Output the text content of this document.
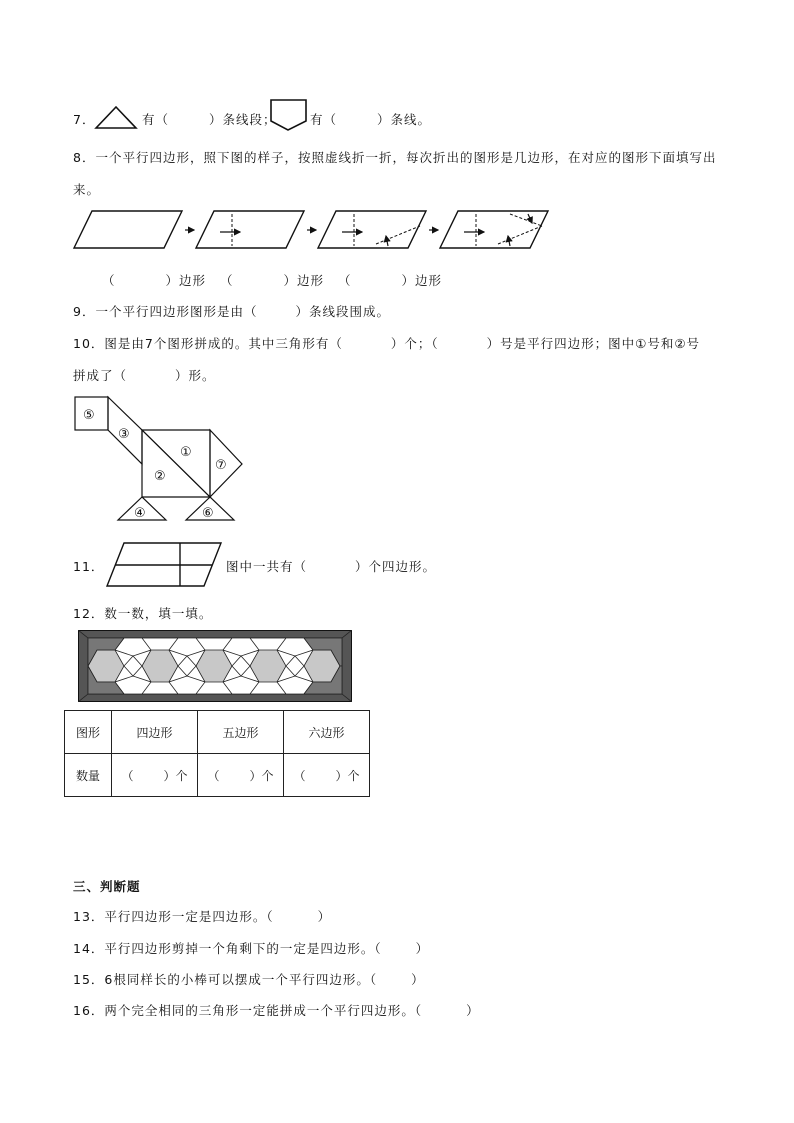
7．	有（	）条线段；	有（	）条线。
8．一个平行四边形，照下图的样子，按照虚线折一折，每次折出的图形是几边形，在对应的图形下面填写出
来。
（	）边形 （	）边形 （	）边形
9．一个平行四边形图形是由（	）条线段围成。
10．图是由7个图形拼成的。其中三角形有（	）个；（	）号是平行四边形；图中①号和②号
拼成了（	）形。
⑤
③
①
②
⑦
④	⑥
11．	图中一共有（	）个四边形。
12．数一数，填一填。
图形	四边形	五边形	六边形
数量	（ ）个	（ ）个	（ ）个
三、判断题
13．平行四边形一定是四边形。（	）
14．平行四边形剪掉一个角剩下的一定是四边形。（	）
15．6根同样长的小棒可以摆成一个平行四边形。（	）
16．两个完全相同的三角形一定能拼成一个平行四边形。（	）
